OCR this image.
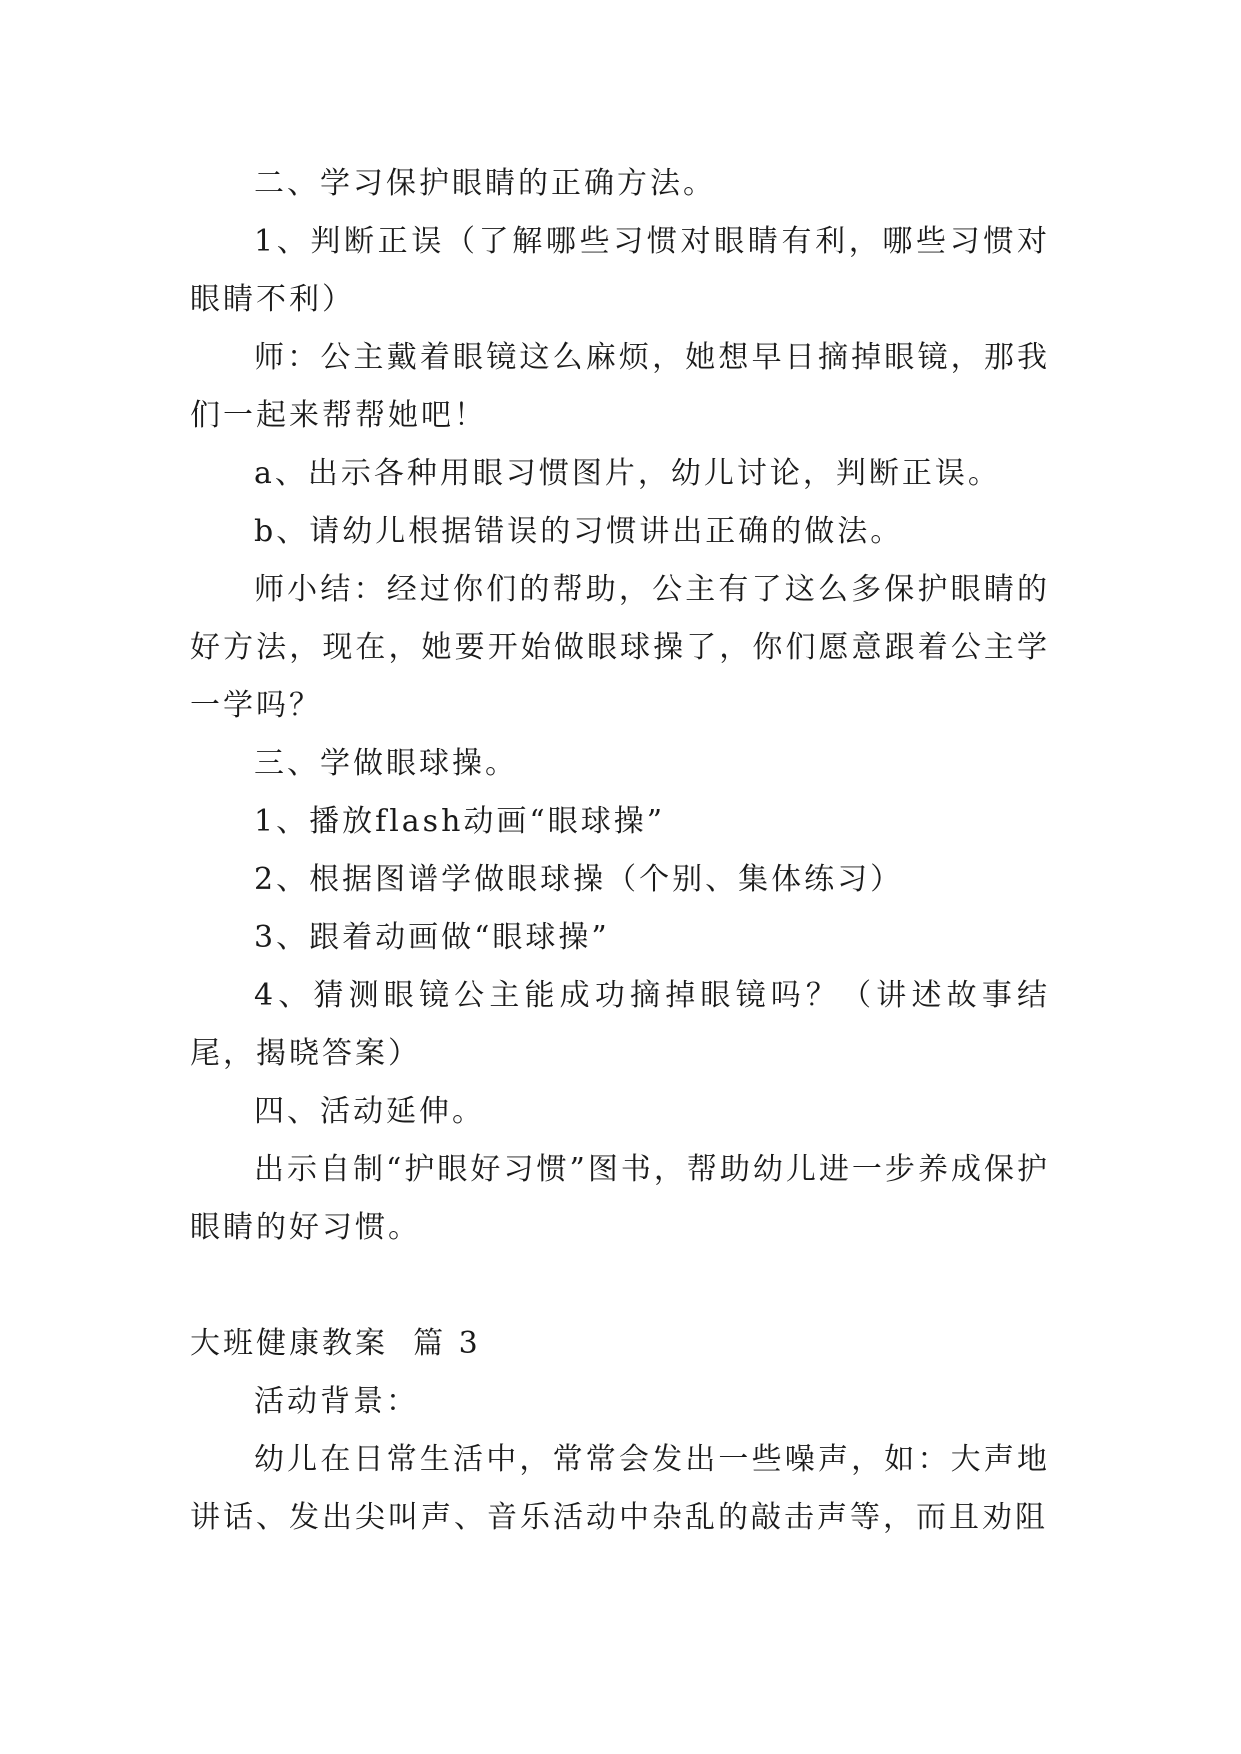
二、学习保护眼睛的正确方法。

1、判断正误（了解哪些习惯对眼睛有利，哪些习惯对眼睛不利）

师：公主戴着眼镜这么麻烦，她想早日摘掉眼镜，那我们一起来帮帮她吧！

a、出示各种用眼习惯图片，幼儿讨论，判断正误。

b、请幼儿根据错误的习惯讲出正确的做法。

师小结：经过你们的帮助，公主有了这么多保护眼睛的好方法，现在，她要开始做眼球操了，你们愿意跟着公主学一学吗？

三、学做眼球操。

1、播放flash动画“眼球操”

2、根据图谱学做眼球操（个别、集体练习）

3、跟着动画做“眼球操”

4、猜测眼镜公主能成功摘掉眼镜吗？（讲述故事结尾，揭晓答案）

四、活动延伸。

出示自制“护眼好习惯”图书，帮助幼儿进一步养成保护眼睛的好习惯。

大班健康教案  篇 3

活动背景：

幼儿在日常生活中，常常会发出一些噪声，如：大声地讲话、发出尖叫声、音乐活动中杂乱的敲击声等，而且劝阻
